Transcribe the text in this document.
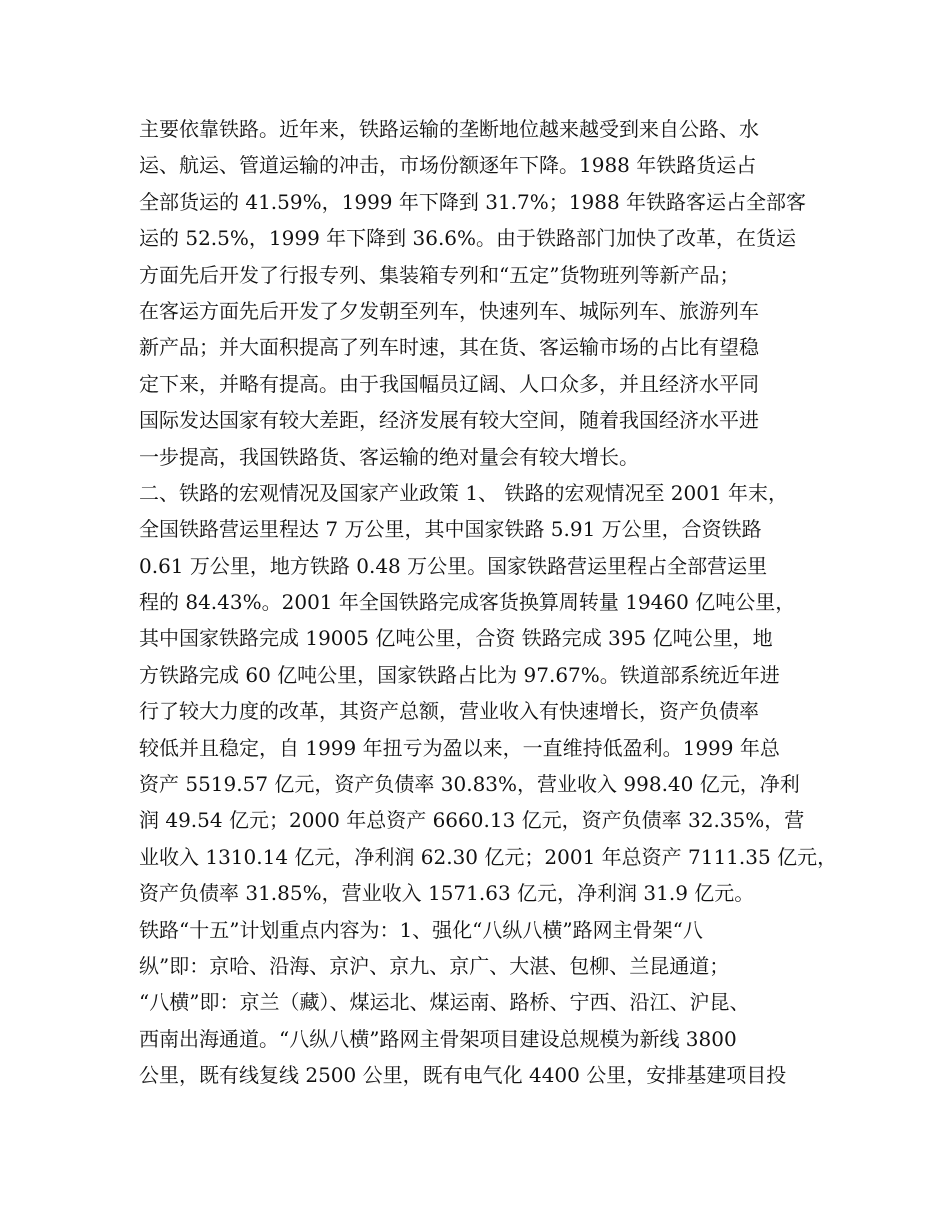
主要依靠铁路。近年来，铁路运输的垄断地位越来越受到来自公路、水
运、航运、管道运输的冲击，市场份额逐年下降。1988 年铁路货运占
全部货运的 41.59%，1999 年下降到 31.7%；1988 年铁路客运占全部客
运的 52.5%，1999 年下降到 36.6%。由于铁路部门加快了改革，在货运
方面先后开发了行报专列、集装箱专列和“五定”货物班列等新产品；
在客运方面先后开发了夕发朝至列车，快速列车、城际列车、旅游列车
新产品；并大面积提高了列车时速，其在货、客运输市场的占比有望稳
定下来，并略有提高。由于我国幅员辽阔、人口众多，并且经济水平同
国际发达国家有较大差距，经济发展有较大空间，随着我国经济水平进
一步提高，我国铁路货、客运输的绝对量会有较大增长。
二、铁路的宏观情况及国家产业政策 1、 铁路的宏观情况至 2001 年末，
全国铁路营运里程达 7 万公里，其中国家铁路 5.91 万公里，合资铁路
0.61 万公里，地方铁路 0.48 万公里。国家铁路营运里程占全部营运里
程的 84.43%。2001 年全国铁路完成客货换算周转量 19460 亿吨公里，
其中国家铁路完成 19005 亿吨公里，合资 铁路完成 395 亿吨公里，地
方铁路完成 60 亿吨公里，国家铁路占比为 97.67%。铁道部系统近年进
行了较大力度的改革，其资产总额，营业收入有快速增长，资产负债率
较低并且稳定，自 1999 年扭亏为盈以来，一直维持低盈利。1999 年总
资产 5519.57 亿元，资产负债率 30.83%，营业收入 998.40 亿元，净利
润 49.54 亿元；2000 年总资产 6660.13 亿元，资产负债率 32.35%，营
业收入 1310.14 亿元，净利润 62.30 亿元；2001 年总资产 7111.35 亿元，
资产负债率 31.85%，营业收入 1571.63 亿元，净利润 31.9 亿元。
铁路“十五”计划重点内容为：1、强化“八纵八横”路网主骨架“八
纵”即：京哈、沿海、京沪、京九、京广、大湛、包柳、兰昆通道；
“八横”即：京兰（藏）、煤运北、煤运南、路桥、宁西、沿江、沪昆、
西南出海通道。“八纵八横”路网主骨架项目建设总规模为新线 3800
公里，既有线复线 2500 公里，既有电气化 4400 公里，安排基建项目投
